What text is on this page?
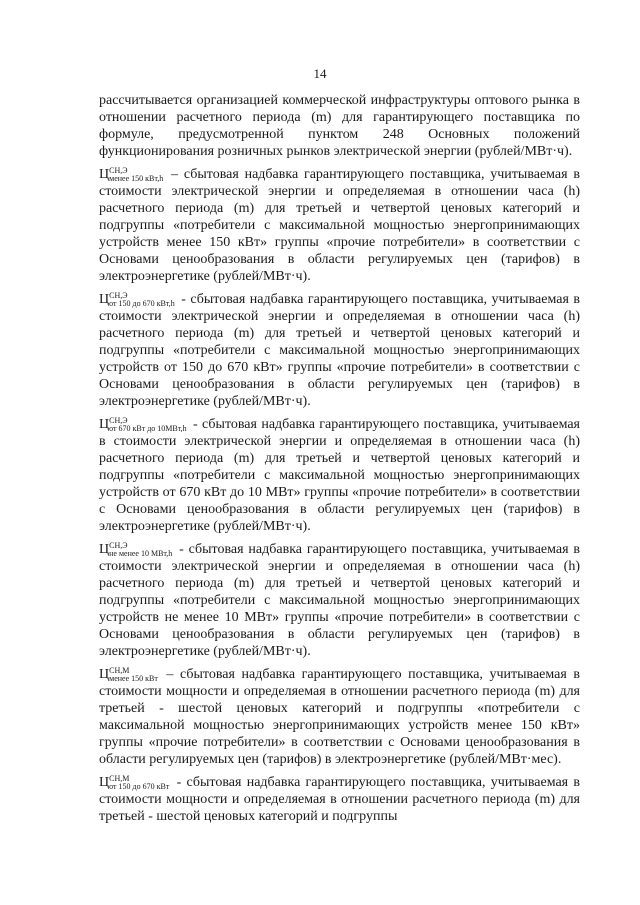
14

рассчитывается организацией коммерческой инфраструктуры оптового рынка в отношении расчетного периода (m) для гарантирующего поставщика по формуле, предусмотренной пунктом 248 Основных положений функционирования розничных рынков электрической энергии (рублей/МВт·ч).

Ц СН,Э
менее 150 кВт,h – сбытовая надбавка гарантирующего поставщика, учитываемая в стоимости электрической энергии и определяемая в отношении часа (h) расчетного периода (m) для третьей и четвертой ценовых категорий и подгруппы «потребители с максимальной мощностью энергопринимающих устройств менее 150 кВт» группы «прочие потребители» в соответствии с Основами ценообразования в области регулируемых цен (тарифов) в электроэнергетике (рублей/МВт·ч).

Ц СН,Э
от 150 до 670 кВт,h - сбытовая надбавка гарантирующего поставщика, учитываемая в стоимости электрической энергии и определяемая в отношении часа (h) расчетного периода (m) для третьей и четвертой ценовых категорий и подгруппы «потребители с максимальной мощностью энергопринимающих устройств от 150 до 670 кВт» группы «прочие потребители» в соответствии с Основами ценообразования в области регулируемых цен (тарифов) в электроэнергетике (рублей/МВт·ч).

Ц СН,Э
от 670 кВт до 10МВт,h - сбытовая надбавка гарантирующего поставщика, учитываемая в стоимости электрической энергии и определяемая в отношении часа (h) расчетного периода (m) для третьей и четвертой ценовых категорий и подгруппы «потребители с максимальной мощностью энергопринимающих устройств от 670 кВт до 10 МВт» группы «прочие потребители» в соответствии с Основами ценообразования в области регулируемых цен (тарифов) в электроэнергетике (рублей/МВт·ч).

Ц СН,Э
не менее 10 МВт,h - сбытовая надбавка гарантирующего поставщика, учитываемая в стоимости электрической энергии и определяемая в отношении часа (h) расчетного периода (m) для третьей и четвертой ценовых категорий и подгруппы «потребители с максимальной мощностью энергопринимающих устройств не менее 10 МВт» группы «прочие потребители» в соответствии с Основами ценообразования в области регулируемых цен (тарифов) в электроэнергетике (рублей/МВт·ч).

Ц СН,М
менее 150 кВт – сбытовая надбавка гарантирующего поставщика, учитываемая в стоимости мощности и определяемая в отношении расчетного периода (m) для третьей - шестой ценовых категорий и подгруппы «потребители с максимальной мощностью энергопринимающих устройств менее 150 кВт» группы «прочие потребители» в соответствии с Основами ценообразования в области регулируемых цен (тарифов) в электроэнергетике (рублей/МВт·мес).

Ц СН,М
от 150 до 670 кВт - сбытовая надбавка гарантирующего поставщика, учитываемая в стоимости мощности и определяемая в отношении расчетного периода (m) для третьей - шестой ценовых категорий и подгруппы
